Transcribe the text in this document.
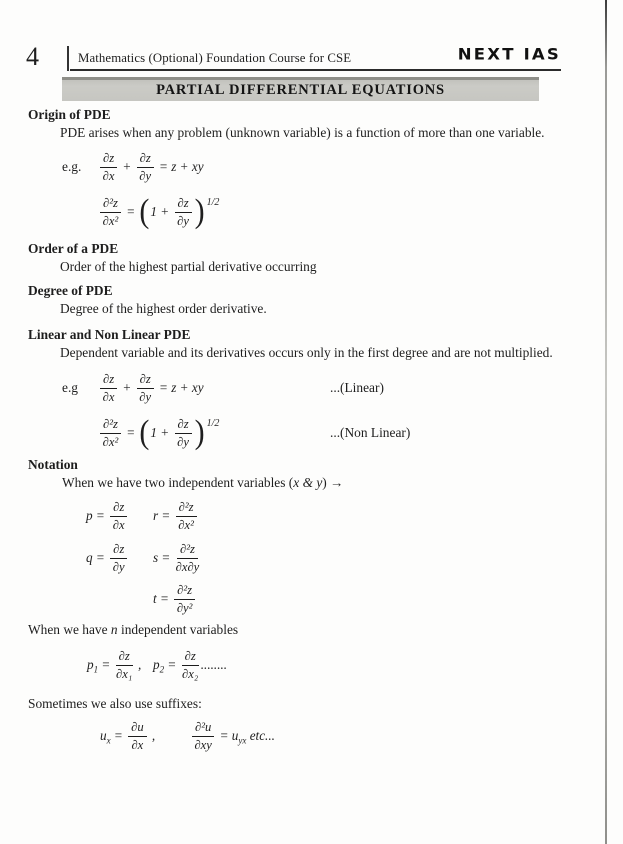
4	Mathematics (Optional) Foundation Course for CSE	NEXT IAS
PARTIAL DIFFERENTIAL EQUATIONS
Origin of PDE
PDE arises when any problem (unknown variable) is a function of more than one variable.
e.g.	$\frac{\partial z}{\partial x} + \frac{\partial z}{\partial y} = z$ + xy
$\frac{\text{∂²z}}{\text{∂x²}}$ = ( $1 + \frac{\partial z}{\partial y}$ ) 1/2
Order of a PDE
Order of the highest partial derivative occurring
Degree of PDE
Degree of the highest order derivative.
Linear and Non Linear PDE
Dependent variable and its derivatives occurs only in the first degree and are not multiplied.
e.g	$\frac{\partial z}{\partial x} + \frac{\partial z}{\partial y} = z$ + xy	...(Linear)
$\frac{\text{∂²z}}{\text{∂x²}}$ = ( $1 + \frac{\partial z}{\partial y}$ ) 1/2
...(Non Linear)
Notation
When we have two independent variables (x & y) →
$p = \frac{\partial z}{\partial x}$ $r = \frac{\text{∂²z}}{\text{∂x²}}$
$q = \frac{\partial z}{\partial y}$ $s = \frac{\text{∂²z}}{\partial x\partial y}$
$t = \frac{\text{∂²z}}{\text{∂y²}}$
When we have n independent variables
$p_1 = \frac{\partial z}{\text{∂x₁}}$ , $p_2 = \frac{\partial z}{\text{∂x₂}}$ ........
Sometimes we also use suffixes:
$u_x = \frac{\partial u}{\partial x}$ ,	$\frac{\text{∂²u}}{\partial xy} = u_{yx}$ etc...
